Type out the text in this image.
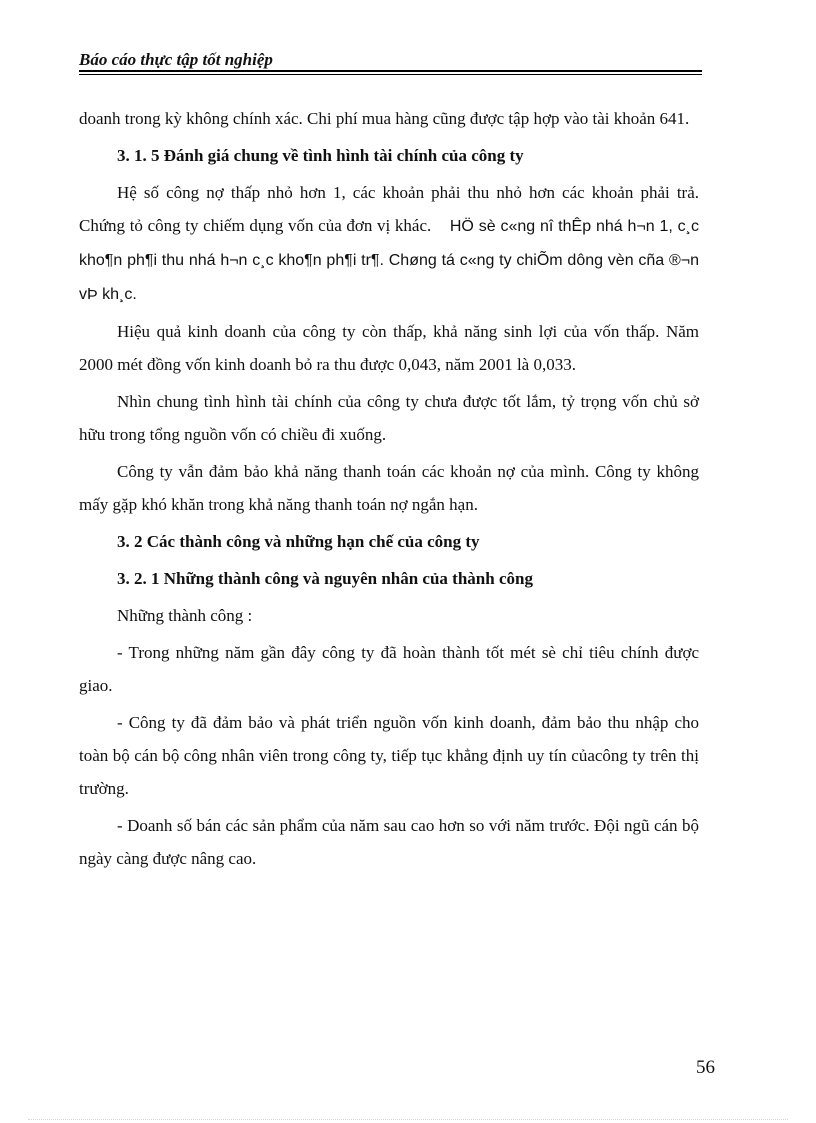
Báo cáo thực tập tốt nghiệp

doanh trong kỳ không chính xác. Chi phí mua hàng cũng được tập hợp vào tài khoản 641.

3. 1. 5 Đánh giá chung về tình hình tài chính của công ty

Hệ số công nợ thấp nhỏ hơn 1, các khoản phải thu nhỏ hơn các khoản phải trả. Chứng tỏ công ty chiếm dụng vốn của đơn vị khác. HÖ sè c«ng nî thÊp nhá h¬n 1, c¸c kho¶n ph¶i thu nhá h¬n c¸c kho¶n ph¶i tr¶. Chøng tá c«ng ty chiÕm dông vèn cña ®¬n vÞ kh¸c.

Hiệu quả kinh doanh của công ty còn thấp, khả năng sinh lợi của vốn thấp. Năm 2000 mét đồng vốn kinh doanh bỏ ra thu được 0,043, năm 2001 là 0,033.

Nhìn chung tình hình tài chính của công ty chưa được tốt lắm, tỷ trọng vốn chủ sở hữu trong tổng nguồn vốn có chiều đi xuống.

Công ty vẫn đảm bảo khả năng thanh toán các khoản nợ của mình. Công ty không mấy gặp khó khăn trong khả năng thanh toán nợ ngắn hạn.

3. 2 Các thành công và những hạn chế của công ty

3. 2. 1 Những thành công và nguyên nhân của thành công

Những thành công :

- Trong những năm gần đây công ty đã hoàn thành tốt mét sè chỉ tiêu chính được giao.

- Công ty đã đảm bảo và phát triển nguồn vốn kinh doanh, đảm bảo thu nhập cho toàn bộ cán bộ công nhân viên trong công ty, tiếp tục khẳng định uy tín củacông ty trên thị trường.

- Doanh số bán các sản phẩm của năm sau cao hơn so với năm trước. Đội ngũ cán bộ ngày càng được nâng cao.

56
